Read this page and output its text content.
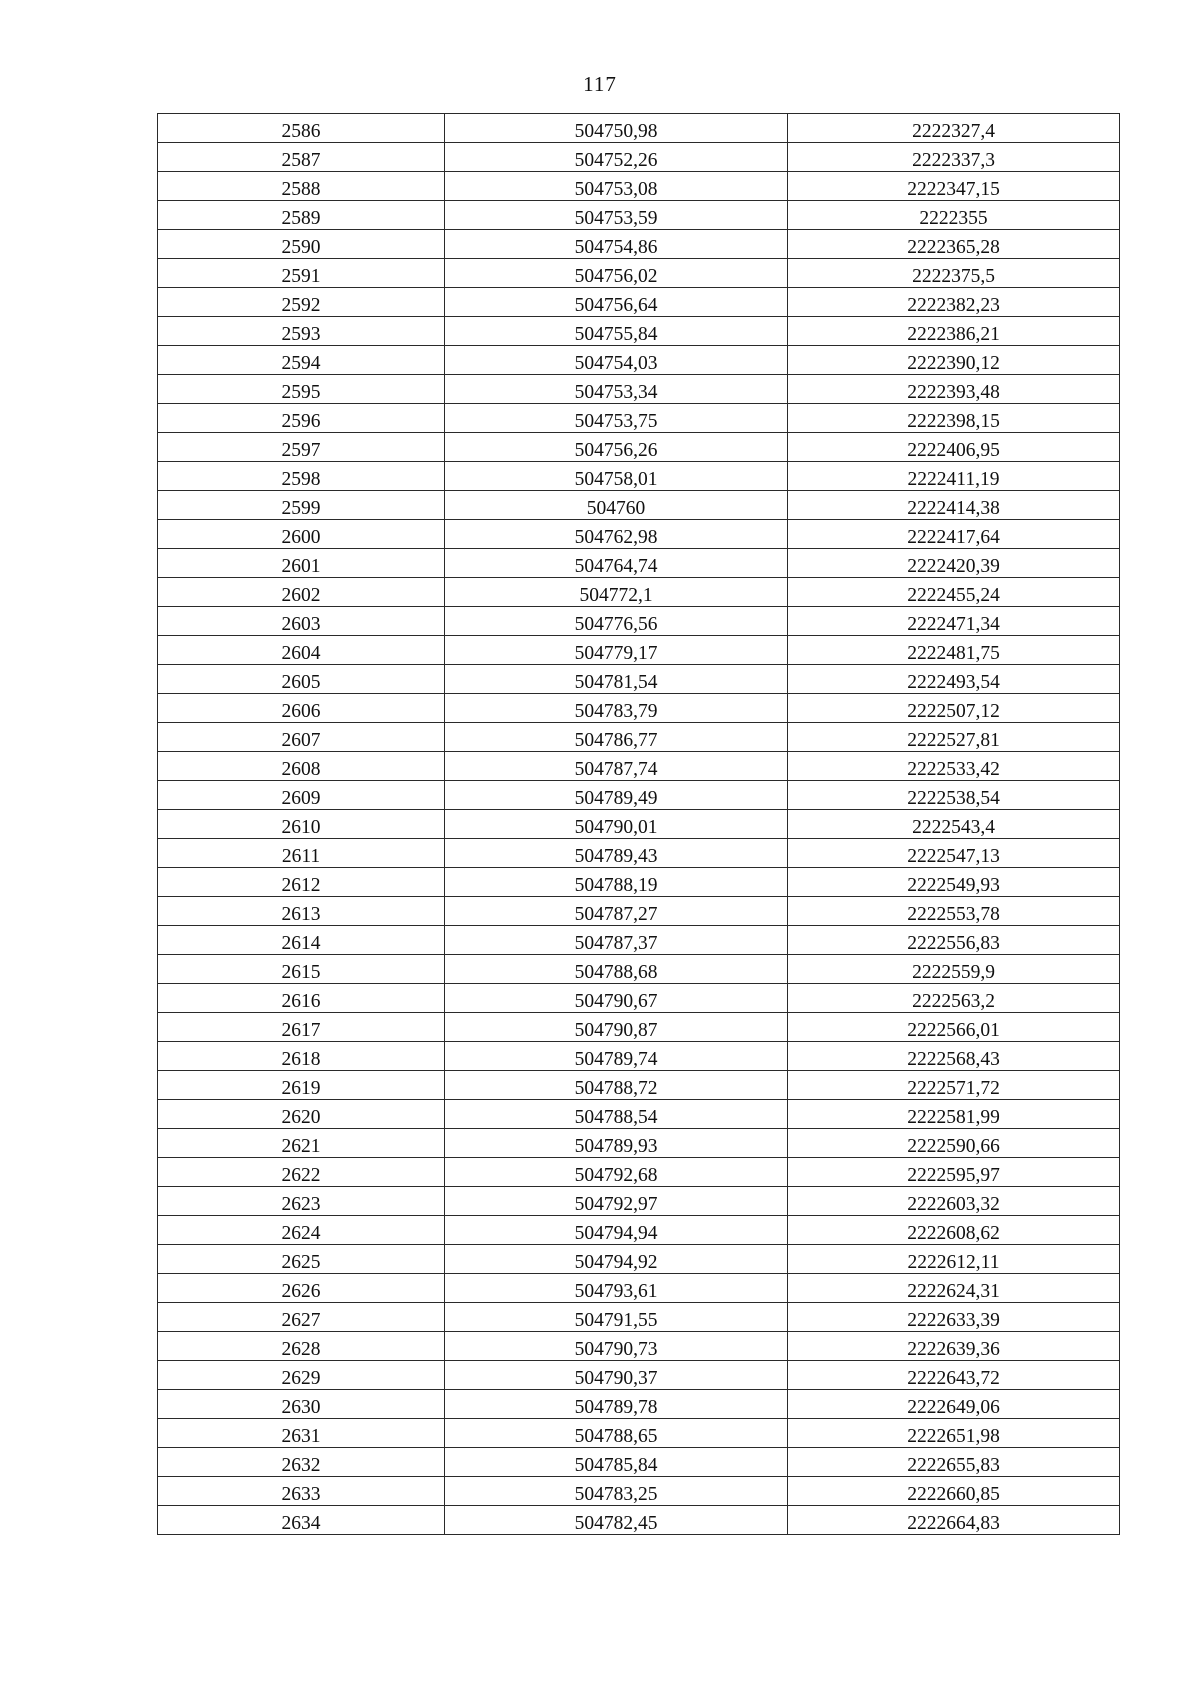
117
2586	504750,98	2222327,4
2587	504752,26	2222337,3
2588	504753,08	2222347,15
2589	504753,59	2222355
2590	504754,86	2222365,28
2591	504756,02	2222375,5
2592	504756,64	2222382,23
2593	504755,84	2222386,21
2594	504754,03	2222390,12
2595	504753,34	2222393,48
2596	504753,75	2222398,15
2597	504756,26	2222406,95
2598	504758,01	2222411,19
2599	504760	2222414,38
2600	504762,98	2222417,64
2601	504764,74	2222420,39
2602	504772,1	2222455,24
2603	504776,56	2222471,34
2604	504779,17	2222481,75
2605	504781,54	2222493,54
2606	504783,79	2222507,12
2607	504786,77	2222527,81
2608	504787,74	2222533,42
2609	504789,49	2222538,54
2610	504790,01	2222543,4
2611	504789,43	2222547,13
2612	504788,19	2222549,93
2613	504787,27	2222553,78
2614	504787,37	2222556,83
2615	504788,68	2222559,9
2616	504790,67	2222563,2
2617	504790,87	2222566,01
2618	504789,74	2222568,43
2619	504788,72	2222571,72
2620	504788,54	2222581,99
2621	504789,93	2222590,66
2622	504792,68	2222595,97
2623	504792,97	2222603,32
2624	504794,94	2222608,62
2625	504794,92	2222612,11
2626	504793,61	2222624,31
2627	504791,55	2222633,39
2628	504790,73	2222639,36
2629	504790,37	2222643,72
2630	504789,78	2222649,06
2631	504788,65	2222651,98
2632	504785,84	2222655,83
2633	504783,25	2222660,85
2634	504782,45	2222664,83
